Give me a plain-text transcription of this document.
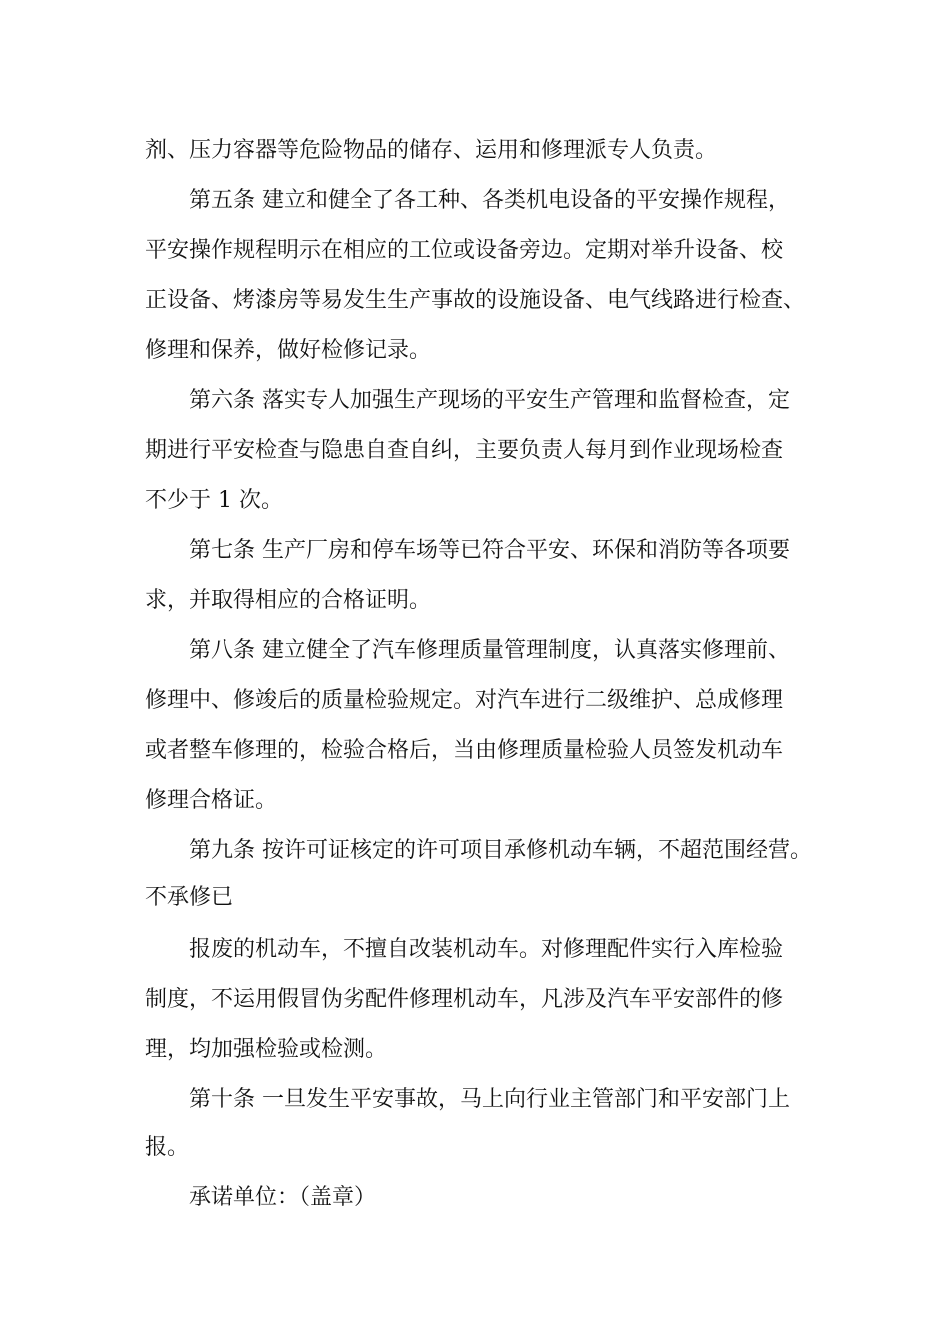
剂、压力容器等危险物品的储存、运用和修理派专人负责。

第五条 建立和健全了各工种、各类机电设备的平安操作规程，

平安操作规程明示在相应的工位或设备旁边。定期对举升设备、校

正设备、烤漆房等易发生生产事故的设施设备、电气线路进行检查、

修理和保养，做好检修记录。

第六条 落实专人加强生产现场的平安生产管理和监督检查，定

期进行平安检查与隐患自查自纠，主要负责人每月到作业现场检查

不少于 1 次。

第七条 生产厂房和停车场等已符合平安、环保和消防等各项要

求，并取得相应的合格证明。

第八条 建立健全了汽车修理质量管理制度，认真落实修理前、

修理中、修竣后的质量检验规定。对汽车进行二级维护、总成修理

或者整车修理的，检验合格后，当由修理质量检验人员签发机动车

修理合格证。

第九条 按许可证核定的许可项目承修机动车辆，不超范围经营。

不承修已

报废的机动车，不擅自改装机动车。对修理配件实行入库检验

制度，不运用假冒伪劣配件修理机动车，凡涉及汽车平安部件的修

理，均加强检验或检测。

第十条 一旦发生平安事故，马上向行业主管部门和平安部门上

报。

承诺单位：（盖章）
